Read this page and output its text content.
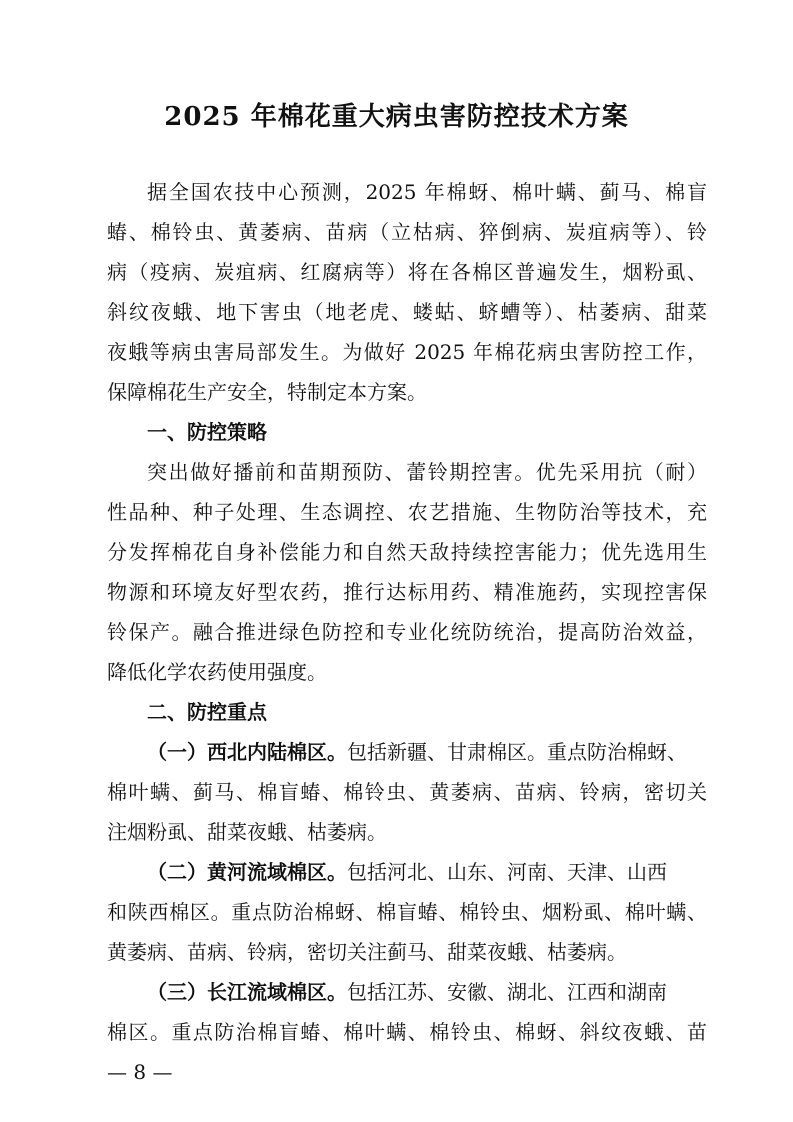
2025 年棉花重大病虫害防控技术方案
据全国农技中心预测，2025 年棉蚜、棉叶螨、蓟马、棉盲
蝽、棉铃虫、黄萎病、苗病（立枯病、猝倒病、炭疽病等）、铃
病（疫病、炭疽病、红腐病等）将在各棉区普遍发生，烟粉虱、
斜纹夜蛾、地下害虫（地老虎、蝼蛄、蛴螬等）、枯萎病、甜菜
夜蛾等病虫害局部发生。为做好 2025 年棉花病虫害防控工作，
保障棉花生产安全，特制定本方案。
一、防控策略
突出做好播前和苗期预防、蕾铃期控害。优先采用抗（耐）
性品种、种子处理、生态调控、农艺措施、生物防治等技术，充
分发挥棉花自身补偿能力和自然天敌持续控害能力；优先选用生
物源和环境友好型农药，推行达标用药、精准施药，实现控害保
铃保产。融合推进绿色防控和专业化统防统治，提高防治效益，
降低化学农药使用强度。
二、防控重点
（一）西北内陆棉区。包括新疆、甘肃棉区。重点防治棉蚜、
棉叶螨、蓟马、棉盲蝽、棉铃虫、黄萎病、苗病、铃病，密切关
注烟粉虱、甜菜夜蛾、枯萎病。
（二）黄河流域棉区。包括河北、山东、河南、天津、山西
和陕西棉区。重点防治棉蚜、棉盲蝽、棉铃虫、烟粉虱、棉叶螨、
黄萎病、苗病、铃病，密切关注蓟马、甜菜夜蛾、枯萎病。
（三）长江流域棉区。包括江苏、安徽、湖北、江西和湖南
棉区。重点防治棉盲蝽、棉叶螨、棉铃虫、棉蚜、斜纹夜蛾、苗
— 8 —
